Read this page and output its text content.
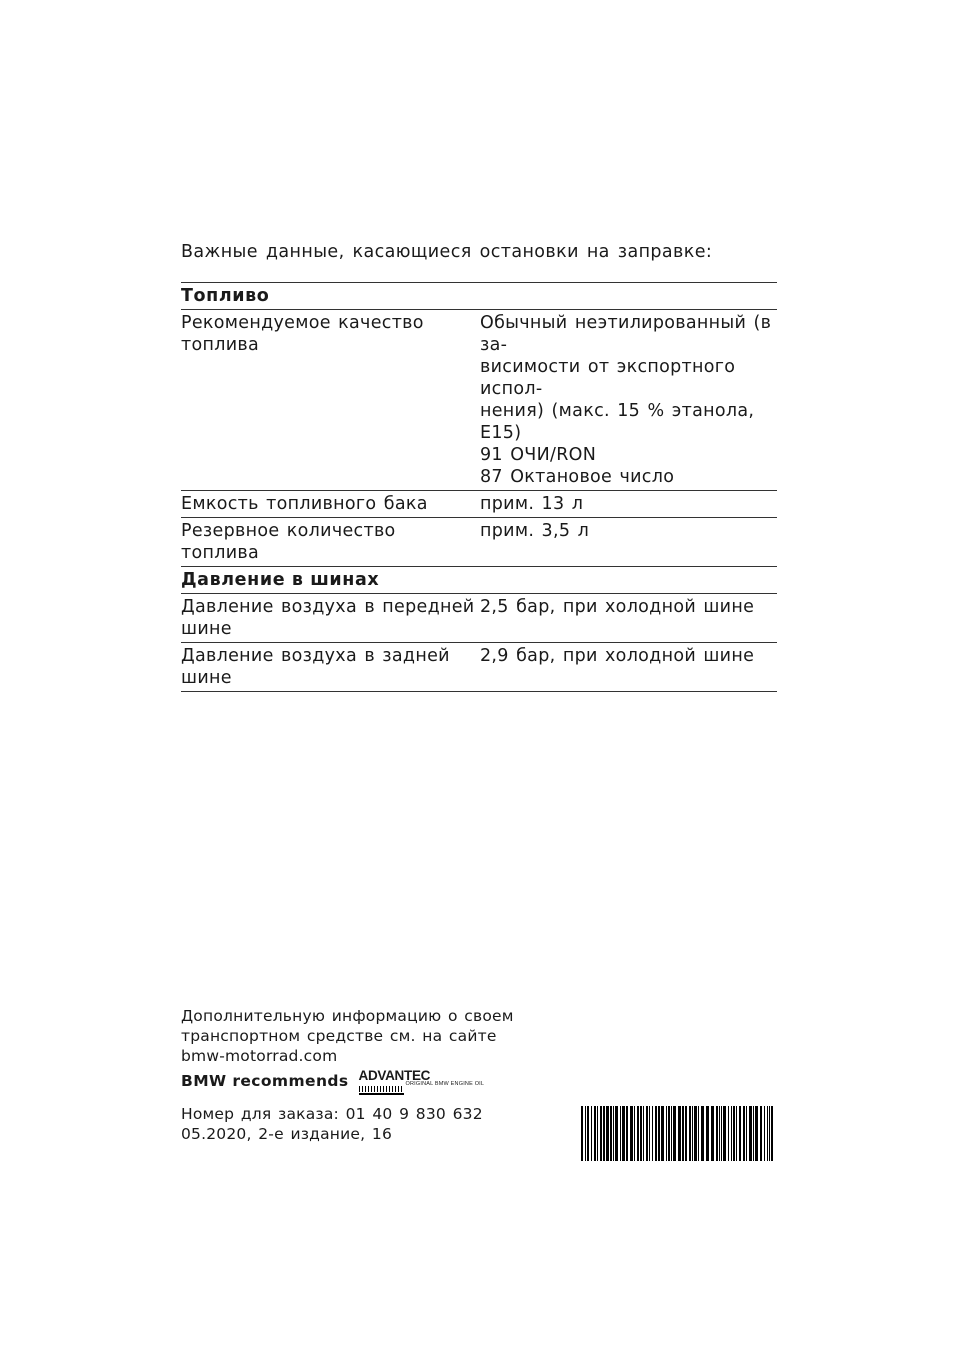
Важные данные, касающиеся остановки на заправке:
Топливо
Рекомендуемое качество топлива
Обычный неэтилированный (в за-
висимости от экспортного испол-
нения) (макс. 15 % этанола, E15)
91 ОЧИ/RON
87 Октановое число
Емкость топливного бака	прим. 13 л
Резервное количество топлива
прим. 3,5 л
Давление в шинах
Давление воздуха в передней
шине
2,5 бар, при холодной шине
Давление воздуха в задней шине
2,9 бар, при холодной шине
Дополнительную информацию о своем
транспортном средстве см. на сайте
bmw-motorrad.com
BMW recommends ADVANTEC
ORIGINAL BMW ENGINE OIL
Номер для заказа: 01 40 9 830 632
05.2020, 2-е издание, 16
